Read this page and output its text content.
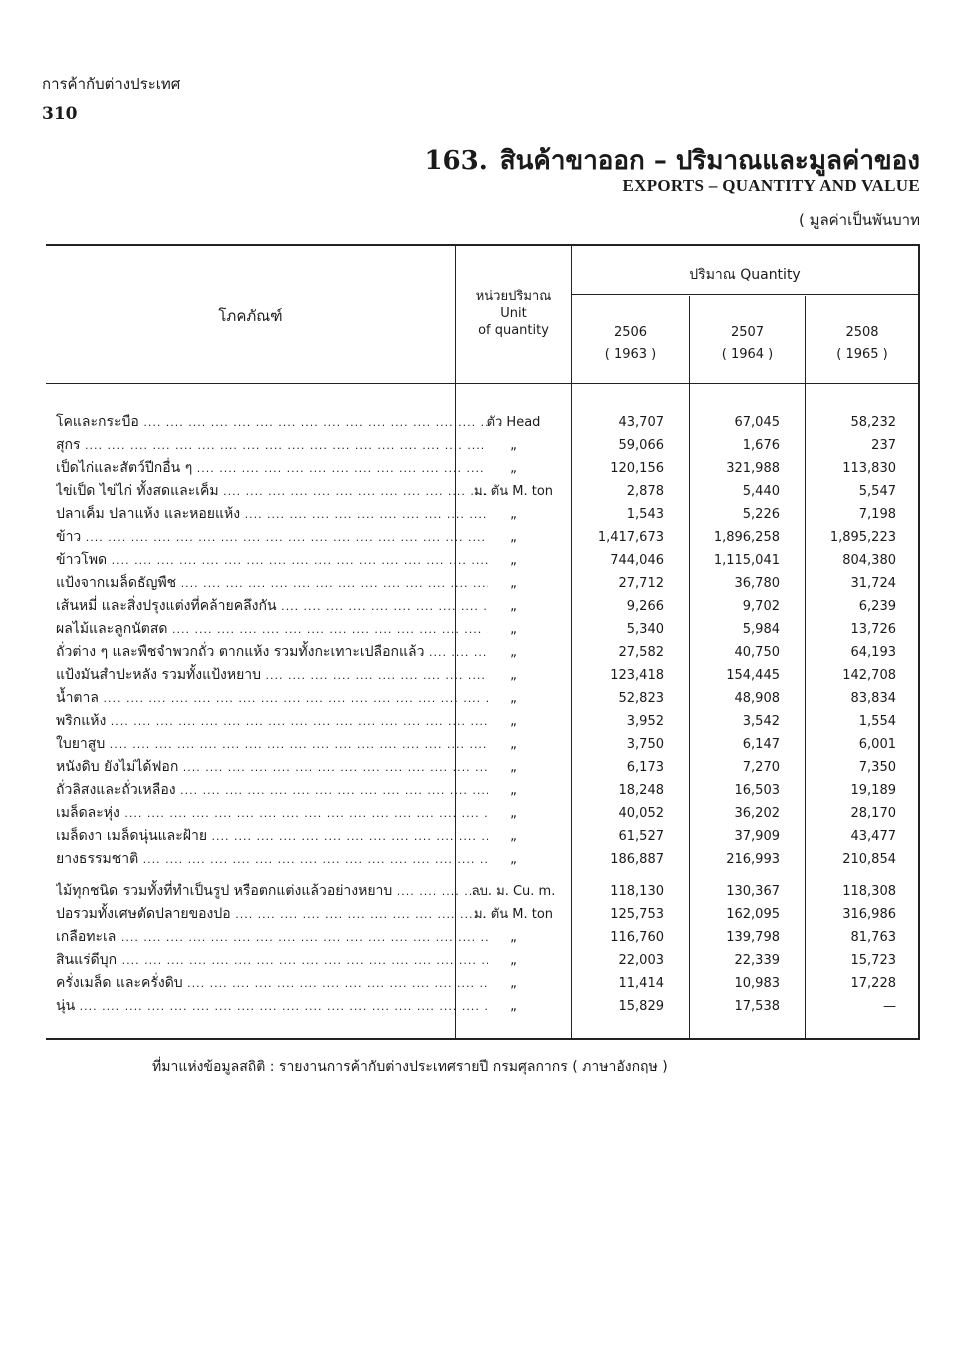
การค้ากับต่างประเทศ
310
163. สินค้าขาออก – ปริมาณและมูลค่าของ
EXPORTS – QUANTITY AND VALUE
( มูลค่าเป็นพันบาท
โภคภัณฑ์
หน่วยปริมาณ
Unit
of quantity
ปริมาณ Quantity
2506
( 1963 )
2507
( 1964 )
2508
( 1965 )
โคและกระบือ ....	ตัว Head	43,707	67,045	58,232
สุกร ....	„	59,066	1,676	237
เป็ดไก่และสัตว์ปีกอื่น ๆ ....	„	120,156	321,988	113,830
ไข่เป็ด ไข่ไก่ ทั้งสดและเค็ม ....	ม. ตัน M. ton	2,878	5,440	5,547
ปลาเค็ม ปลาแห้ง และหอยแห้ง ....	„	1,543	5,226	7,198
ข้าว ....	„	1,417,673	1,896,258	1,895,223
ข้าวโพด ....	„	744,046	1,115,041	804,380
แป้งจากเมล็ดธัญพืช ....	„	27,712	36,780	31,724
เส้นหมี่ และสิ่งปรุงแต่งที่คล้ายคลึงกัน ....	„	9,266	9,702	6,239
ผลไม้และลูกนัตสด ....	„	5,340	5,984	13,726
ถั่วต่าง ๆ และพืชจำพวกถั่ว ตากแห้ง รวมทั้งกะเทาะเปลือกแล้ว ....	„	27,582	40,750	64,193
แป้งมันสำปะหลัง รวมทั้งแป้งหยาบ ....	„	123,418	154,445	142,708
น้ำตาล ....	„	52,823	48,908	83,834
พริกแห้ง ....	„	3,952	3,542	1,554
ใบยาสูบ ....	„	3,750	6,147	6,001
หนังดิบ ยังไม่ได้ฟอก ....	„	6,173	7,270	7,350
ถั่วลิสงและถั่วเหลือง ....	„	18,248	16,503	19,189
เมล็ดละหุ่ง ....	„	40,052	36,202	28,170
เมล็ดงา เมล็ดนุ่นและฝ้าย ....	„	61,527	37,909	43,477
ยางธรรมชาติ ....	„	186,887	216,993	210,854
ไม้ทุกชนิด รวมทั้งที่ทำเป็นรูป หรือตกแต่งแล้วอย่างหยาบ ....	ลบ. ม. Cu. m.	118,130	130,367	118,308
ปอรวมทั้งเศษตัดปลายของปอ ....	ม. ตัน M. ton	125,753	162,095	316,986
เกลือทะเล ....	„	116,760	139,798	81,763
สินแร่ดีบุก ....	„	22,003	22,339	15,723
ครั่งเมล็ด และครั่งดิบ ....	„	11,414	10,983	17,228
นุ่น ....	„	15,829	17,538	—
ที่มาแห่งข้อมูลสถิติ : รายงานการค้ากับต่างประเทศรายปี กรมศุลกากร ( ภาษาอังกฤษ )
